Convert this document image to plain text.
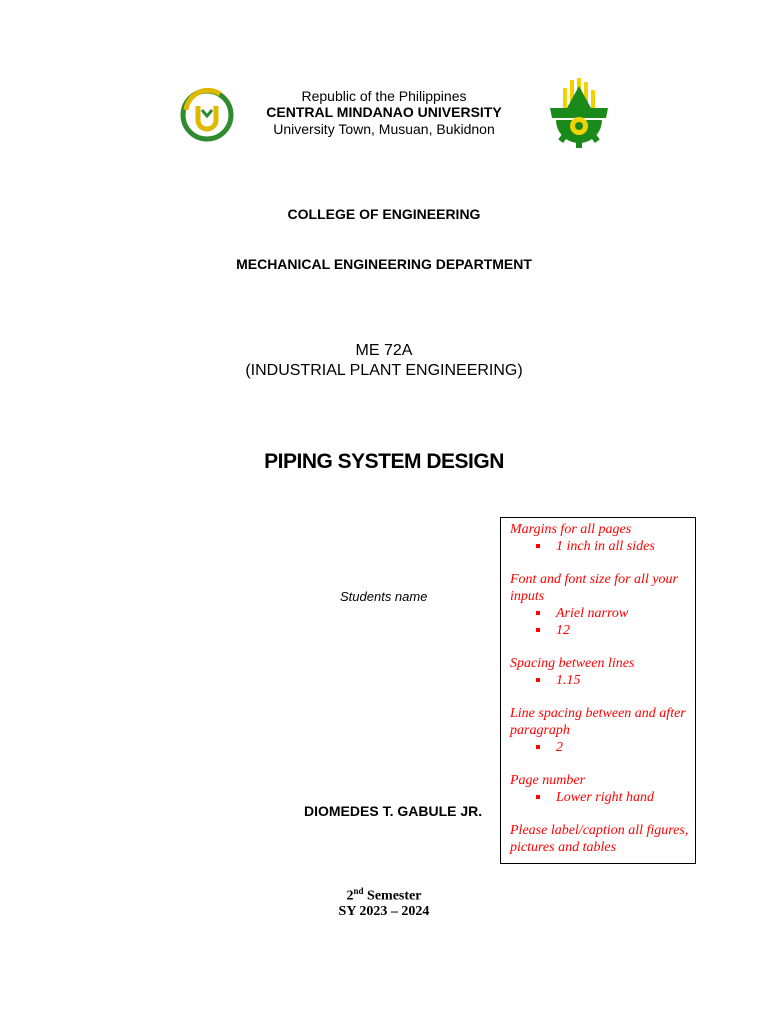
Republic of the Philippines
CENTRAL MINDANAO UNIVERSITY
University Town, Musuan, Bukidnon
COLLEGE OF ENGINEERING
MECHANICAL ENGINEERING DEPARTMENT
ME 72A
(INDUSTRIAL PLANT ENGINEERING)
PIPING SYSTEM DESIGN
Students name
DIOMEDES T. GABULE JR.
2nd Semester
SY 2023 – 2024

Margins for all pages

1 inch in all sides

Font and font size for all your inputs

Ariel narrow
12

Spacing between lines

1.15

Line spacing between and after paragraph

2

Page number

Lower right hand

Please label/caption all figures, pictures and tables
